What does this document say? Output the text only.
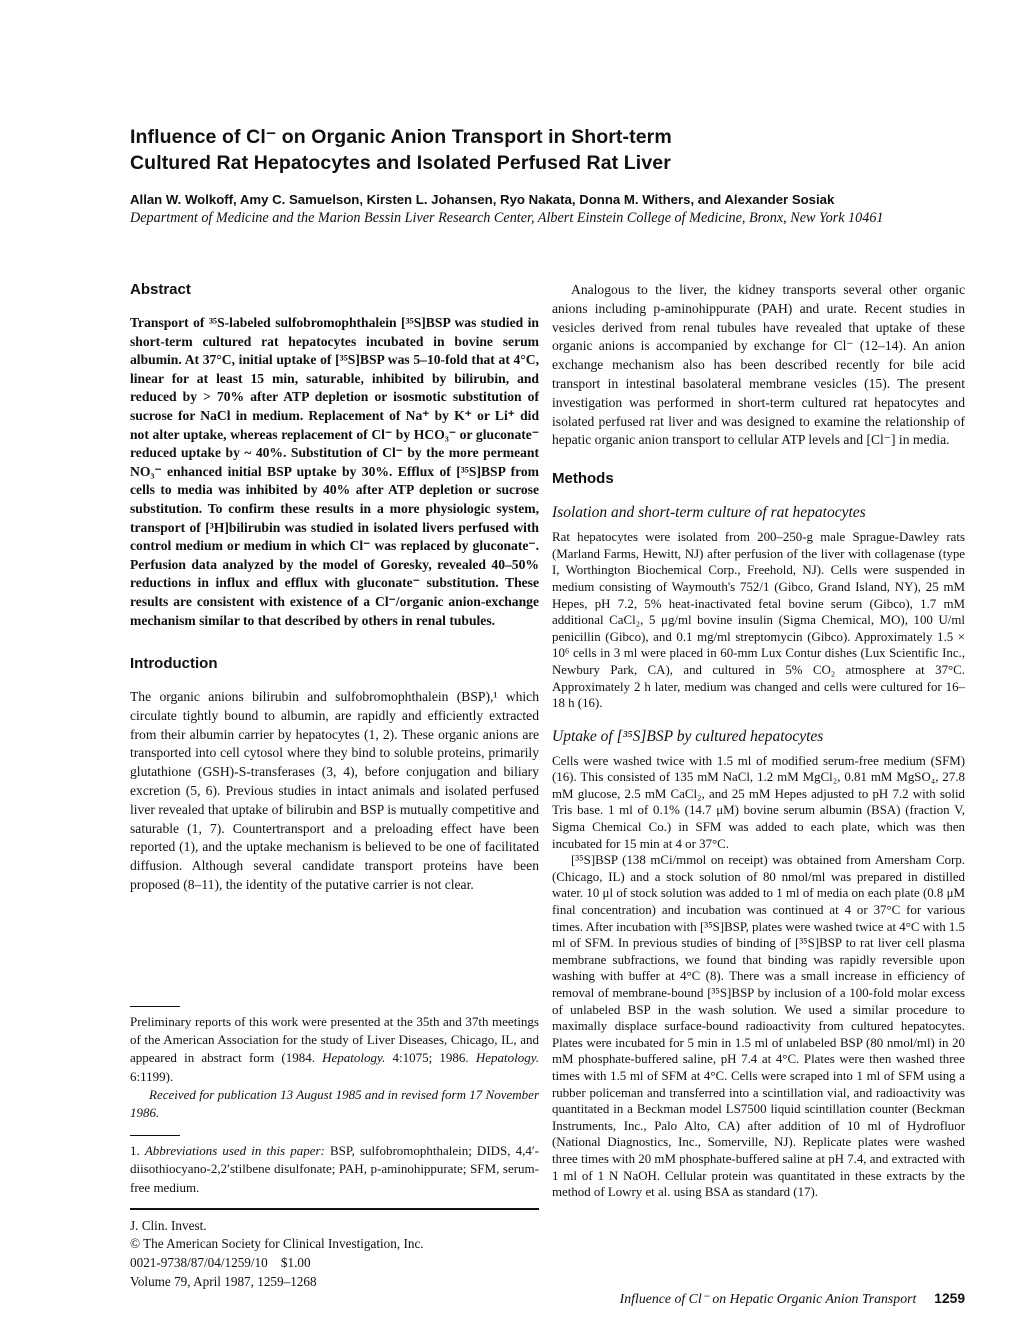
Influence of Cl⁻ on Organic Anion Transport in Short-term
Cultured Rat Hepatocytes and Isolated Perfused Rat Liver
Allan W. Wolkoff, Amy C. Samuelson, Kirsten L. Johansen, Ryo Nakata, Donna M. Withers, and Alexander Sosiak
Department of Medicine and the Marion Bessin Liver Research Center, Albert Einstein College of Medicine, Bronx, New York 10461
Abstract

Transport of ³⁵S-labeled sulfobromophthalein [³⁵S]BSP was studied in short-term cultured rat hepatocytes incubated in bovine serum albumin. At 37°C, initial uptake of [³⁵S]BSP was 5–10-fold that at 4°C, linear for at least 15 min, saturable, inhibited by bilirubin, and reduced by > 70% after ATP depletion or isosmotic substitution of sucrose for NaCl in medium. Replacement of Na⁺ by K⁺ or Li⁺ did not alter uptake, whereas replacement of Cl⁻ by HCO₃⁻ or gluconate⁻ reduced uptake by ~ 40%. Substitution of Cl⁻ by the more permeant NO₃⁻ enhanced initial BSP uptake by 30%. Efflux of [³⁵S]BSP from cells to media was inhibited by 40% after ATP depletion or sucrose substitution. To confirm these results in a more physiologic system, transport of [³H]bilirubin was studied in isolated livers perfused with control medium or medium in which Cl⁻ was replaced by gluconate⁻. Perfusion data analyzed by the model of Goresky, revealed 40–50% reductions in influx and efflux with gluconate⁻ substitution. These results are consistent with existence of a Cl⁻/organic anion-exchange mechanism similar to that described by others in renal tubules.

Introduction

The organic anions bilirubin and sulfobromophthalein (BSP),¹ which circulate tightly bound to albumin, are rapidly and efficiently extracted from their albumin carrier by hepatocytes (1, 2). These organic anions are transported into cell cytosol where they bind to soluble proteins, primarily glutathione (GSH)-S-transferases (3, 4), before conjugation and biliary excretion (5, 6). Previous studies in intact animals and isolated perfused liver revealed that uptake of bilirubin and BSP is mutually competitive and saturable (1, 7). Countertransport and a preloading effect have been reported (1), and the uptake mechanism is believed to be one of facilitated diffusion. Although several candidate transport proteins have been proposed (8–11), the identity of the putative carrier is not clear.

Preliminary reports of this work were presented at the 35th and 37th meetings of the American Association for the study of Liver Diseases, Chicago, IL, and appeared in abstract form (1984. Hepatology. 4:1075; 1986. Hepatology. 6:1199).

Received for publication 13 August 1985 and in revised form 17 November 1986.

1. Abbreviations used in this paper: BSP, sulfobromophthalein; DIDS, 4,4′-diisothiocyano-2,2′stilbene disulfonate; PAH, p-aminohippurate; SFM, serum-free medium.

J. Clin. Invest.
© The American Society for Clinical Investigation, Inc.
0021-9738/87/04/1259/10    $1.00
Volume 79, April 1987, 1259–1268

Analogous to the liver, the kidney transports several other organic anions including p-aminohippurate (PAH) and urate. Recent studies in vesicles derived from renal tubules have revealed that uptake of these organic anions is accompanied by exchange for Cl⁻ (12–14). An anion exchange mechanism also has been described recently for bile acid transport in intestinal basolateral membrane vesicles (15). The present investigation was performed in short-term cultured rat hepatocytes and isolated perfused rat liver and was designed to examine the relationship of hepatic organic anion transport to cellular ATP levels and [Cl⁻] in media.

Methods
Isolation and short-term culture of rat hepatocytes

Rat hepatocytes were isolated from 200–250-g male Sprague-Dawley rats (Marland Farms, Hewitt, NJ) after perfusion of the liver with collagenase (type I, Worthington Biochemical Corp., Freehold, NJ). Cells were suspended in medium consisting of Waymouth's 752/1 (Gibco, Grand Island, NY), 25 mM Hepes, pH 7.2, 5% heat-inactivated fetal bovine serum (Gibco), 1.7 mM additional CaCl₂, 5 μg/ml bovine insulin (Sigma Chemical, MO), 100 U/ml penicillin (Gibco), and 0.1 mg/ml streptomycin (Gibco). Approximately 1.5 × 10⁶ cells in 3 ml were placed in 60-mm Lux Contur dishes (Lux Scientific Inc., Newbury Park, CA), and cultured in 5% CO₂ atmosphere at 37°C. Approximately 2 h later, medium was changed and cells were cultured for 16–18 h (16).

Uptake of [³⁵S]BSP by cultured hepatocytes

Cells were washed twice with 1.5 ml of modified serum-free medium (SFM) (16). This consisted of 135 mM NaCl, 1.2 mM MgCl₂, 0.81 mM MgSO₄, 27.8 mM glucose, 2.5 mM CaCl₂, and 25 mM Hepes adjusted to pH 7.2 with solid Tris base. 1 ml of 0.1% (14.7 μM) bovine serum albumin (BSA) (fraction V, Sigma Chemical Co.) in SFM was added to each plate, which was then incubated for 15 min at 4 or 37°C.

[³⁵S]BSP (138 mCi/mmol on receipt) was obtained from Amersham Corp. (Chicago, IL) and a stock solution of 80 nmol/ml was prepared in distilled water. 10 μl of stock solution was added to 1 ml of media on each plate (0.8 μM final concentration) and incubation was continued at 4 or 37°C for various times. After incubation with [³⁵S]BSP, plates were washed twice at 4°C with 1.5 ml of SFM. In previous studies of binding of [³⁵S]BSP to rat liver cell plasma membrane subfractions, we found that binding was rapidly reversible upon washing with buffer at 4°C (8). There was a small increase in efficiency of removal of membrane-bound [³⁵S]BSP by inclusion of a 100-fold molar excess of unlabeled BSP in the wash solution. We used a similar procedure to maximally displace surface-bound radioactivity from cultured hepatocytes. Plates were incubated for 5 min in 1.5 ml of unlabeled BSP (80 nmol/ml) in 20 mM phosphate-buffered saline, pH 7.4 at 4°C. Plates were then washed three times with 1.5 ml of SFM at 4°C. Cells were scraped into 1 ml of SFM using a rubber policeman and transferred into a scintillation vial, and radioactivity was quantitated in a Beckman model LS7500 liquid scintillation counter (Beckman Instruments, Inc., Palo Alto, CA) after addition of 10 ml of Hydrofluor (National Diagnostics, Inc., Somerville, NJ). Replicate plates were washed three times with 20 mM phosphate-buffered saline at pH 7.4, and extracted with 1 ml of 1 N NaOH. Cellular protein was quantitated in these extracts by the method of Lowry et al. using BSA as standard (17).

Influence of Cl⁻ on Hepatic Organic Anion Transport 1259
